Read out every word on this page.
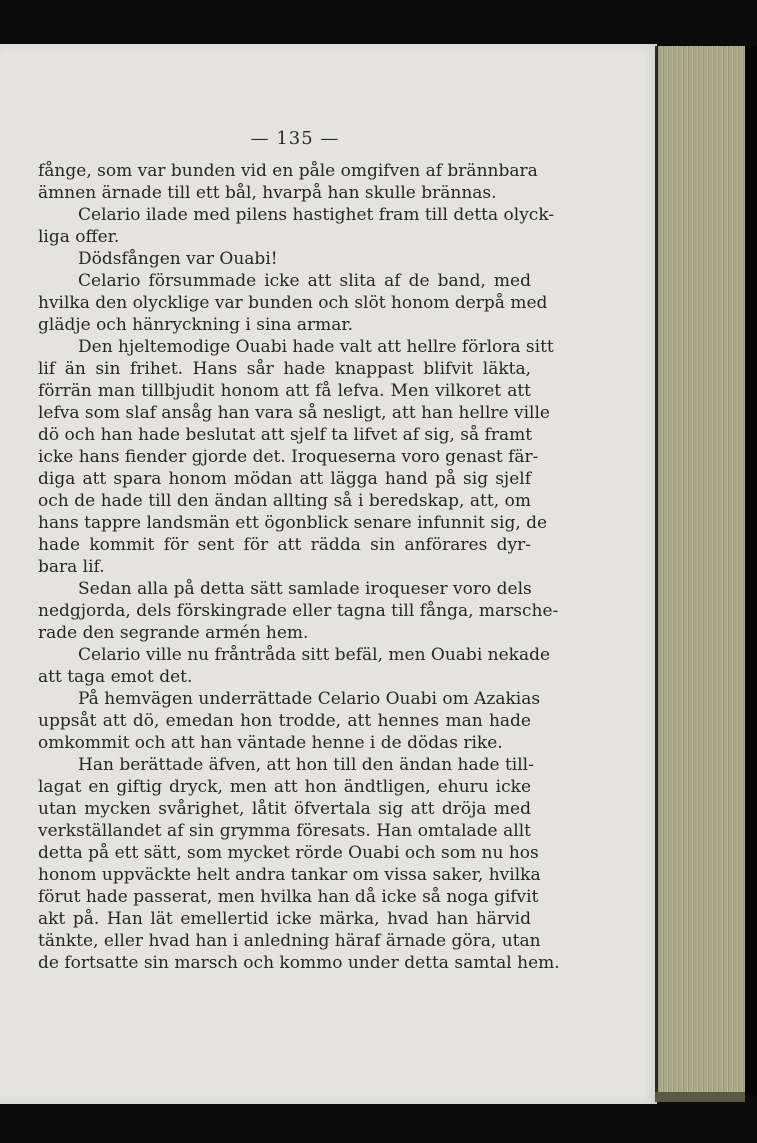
— 135 —
fånge, som var bunden vid en påle omgifven af brännbara
ämnen ärnade till ett bål, hvarpå han skulle brännas.
Celario ilade med pilens hastighet fram till detta olyck-
liga offer.
Dödsfången var Ouabi!
Celario försummade icke att slita af de band, med
hvilka den olycklige var bunden och slöt honom derpå med
glädje och hänryckning i sina armar.
Den hjeltemodige Ouabi hade valt att hellre förlora sitt
lif än sin frihet. Hans sår hade knappast blifvit läkta,
förrän man tillbjudit honom att få lefva. Men vilkoret att
lefva som slaf ansåg han vara så nesligt, att han hellre ville
dö och han hade beslutat att sjelf ta lifvet af sig, så framt
icke hans fiender gjorde det. Iroqueserna voro genast fär-
diga att spara honom mödan att lägga hand på sig sjelf
och de hade till den ändan allting så i beredskap, att, om
hans tappre landsmän ett ögonblick senare infunnit sig, de
hade kommit för sent för att rädda sin anförares dyr-
bara lif.
Sedan alla på detta sätt samlade iroqueser voro dels
nedgjorda, dels förskingrade eller tagna till fånga, marsche-
rade den segrande armén hem.
Celario ville nu fråntråda sitt befäl, men Ouabi nekade
att taga emot det.
På hemvägen underrättade Celario Ouabi om Azakias
uppsåt att dö, emedan hon trodde, att hennes man hade
omkommit och att han väntade henne i de dödas rike.
Han berättade äfven, att hon till den ändan hade till-
lagat en giftig dryck, men att hon ändtligen, ehuru icke
utan mycken svårighet, låtit öfvertala sig att dröja med
verkställandet af sin grymma föresats. Han omtalade allt
detta på ett sätt, som mycket rörde Ouabi och som nu hos
honom uppväckte helt andra tankar om vissa saker, hvilka
förut hade passerat, men hvilka han då icke så noga gifvit
akt på. Han lät emellertid icke märka, hvad han härvid
tänkte, eller hvad han i anledning häraf ärnade göra, utan
de fortsatte sin marsch och kommo under detta samtal hem.
